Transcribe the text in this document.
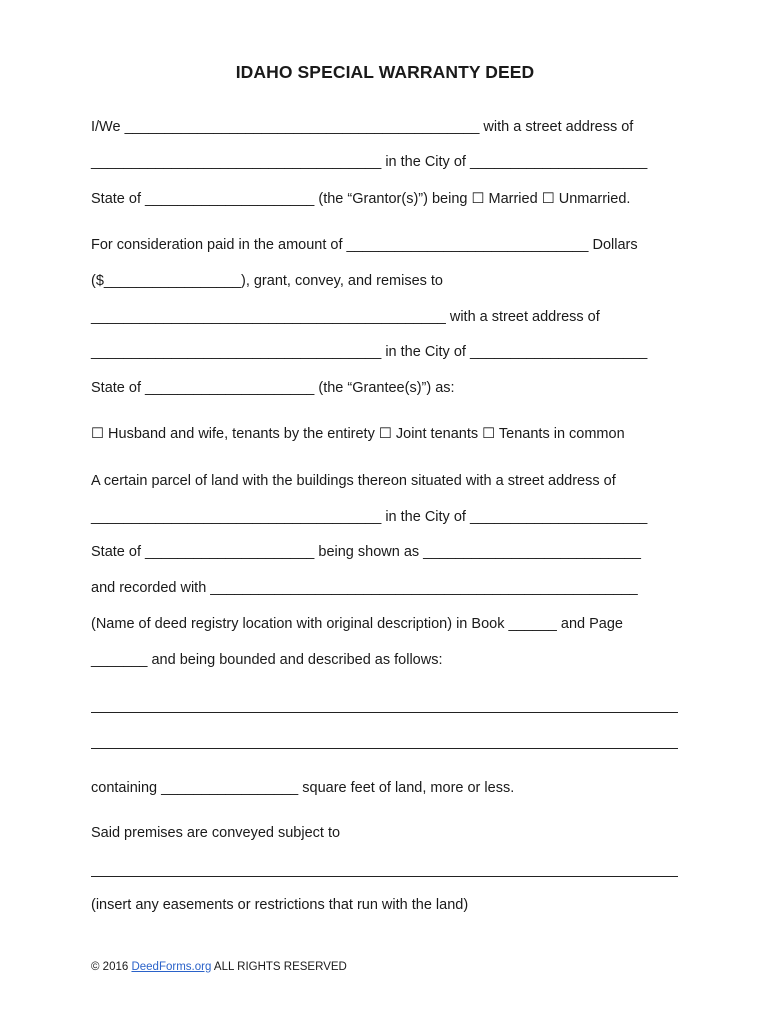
IDAHO SPECIAL WARRANTY DEED
I/We ____________________________________________ with a street address of
____________________________________ in the City of ______________________
State of _____________________ (the “Grantor(s)”) being ☐ Married ☐ Unmarried.
For consideration paid in the amount of ______________________________ Dollars
($_________________), grant, convey, and remises to
____________________________________________ with a street address of
____________________________________ in the City of ______________________
State of _____________________ (the “Grantee(s)”) as:
☐ Husband and wife, tenants by the entirety ☐ Joint tenants ☐ Tenants in common
A certain parcel of land with the buildings thereon situated with a street address of
____________________________________ in the City of ______________________
State of _____________________ being shown as ___________________________
and recorded with _____________________________________________________
(Name of deed registry location with original description) in Book ______ and Page
_______ and being bounded and described as follows:
containing _________________ square feet of land, more or less.
Said premises are conveyed subject to
(insert any easements or restrictions that run with the land)
© 2016 DeedForms.org ALL RIGHTS RESERVED
